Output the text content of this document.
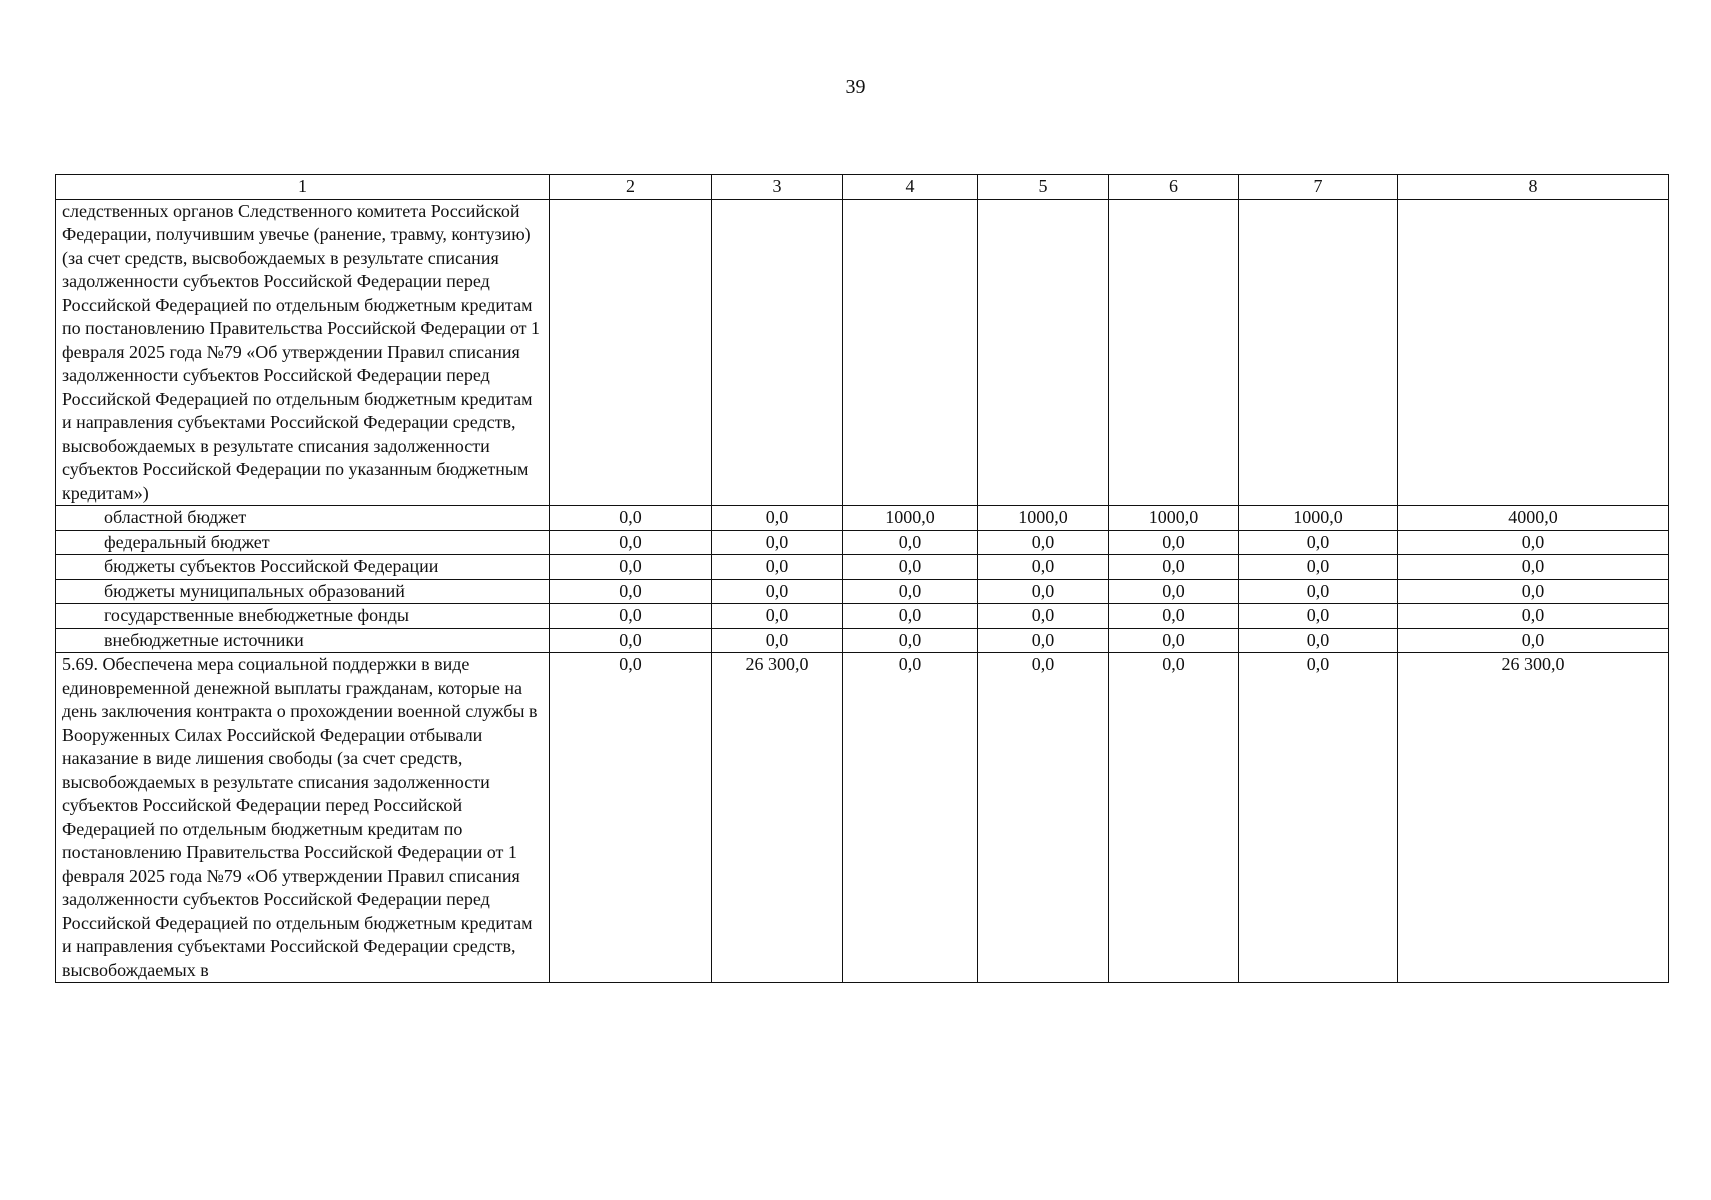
39
1	2	3	4	5	6	7	8
следственных органов Следственного комитета Российской Федерации, получившим увечье (ранение, травму, контузию) (за счет средств, высвобождаемых в результате списания задолженности субъектов Российской Федерации перед Российской Федерацией по отдельным бюджетным кредитам по постановлению Правительства Российской Федерации от 1 февраля 2025 года №79 «Об утверждении Правил списания задолженности субъектов Российской Федерации перед Российской Федерацией по отдельным бюджетным кредитам и направления субъектами Российской Федерации средств, высвобождаемых в результате списания задолженности субъектов Российской Федерации по указанным бюджетным кредитам»)							
областной бюджет	0,0	0,0	1000,0	1000,0	1000,0	1000,0	4000,0
федеральный бюджет	0,0	0,0	0,0	0,0	0,0	0,0	0,0
бюджеты субъектов Российской Федерации	0,0	0,0	0,0	0,0	0,0	0,0	0,0
бюджеты муниципальных образований	0,0	0,0	0,0	0,0	0,0	0,0	0,0
государственные внебюджетные фонды	0,0	0,0	0,0	0,0	0,0	0,0	0,0
внебюджетные источники	0,0	0,0	0,0	0,0	0,0	0,0	0,0
5.69. Обеспечена мера социальной поддержки в виде единовременной денежной выплаты гражданам, которые на день заключения контракта о прохождении военной службы в Вооруженных Силах Российской Федерации отбывали наказание в виде лишения свободы (за счет средств, высвобождаемых в результате списания задолженности субъектов Российской Федерации перед Российской Федерацией по отдельным бюджетным кредитам по постановлению Правительства Российской Федерации от 1 февраля 2025 года №79 «Об утверждении Правил списания задолженности субъектов Российской Федерации перед Российской Федерацией по отдельным бюджетным кредитам и направления субъектами Российской Федерации средств, высвобождаемых в	0,0	26 300,0	0,0	0,0	0,0	0,0	26 300,0
